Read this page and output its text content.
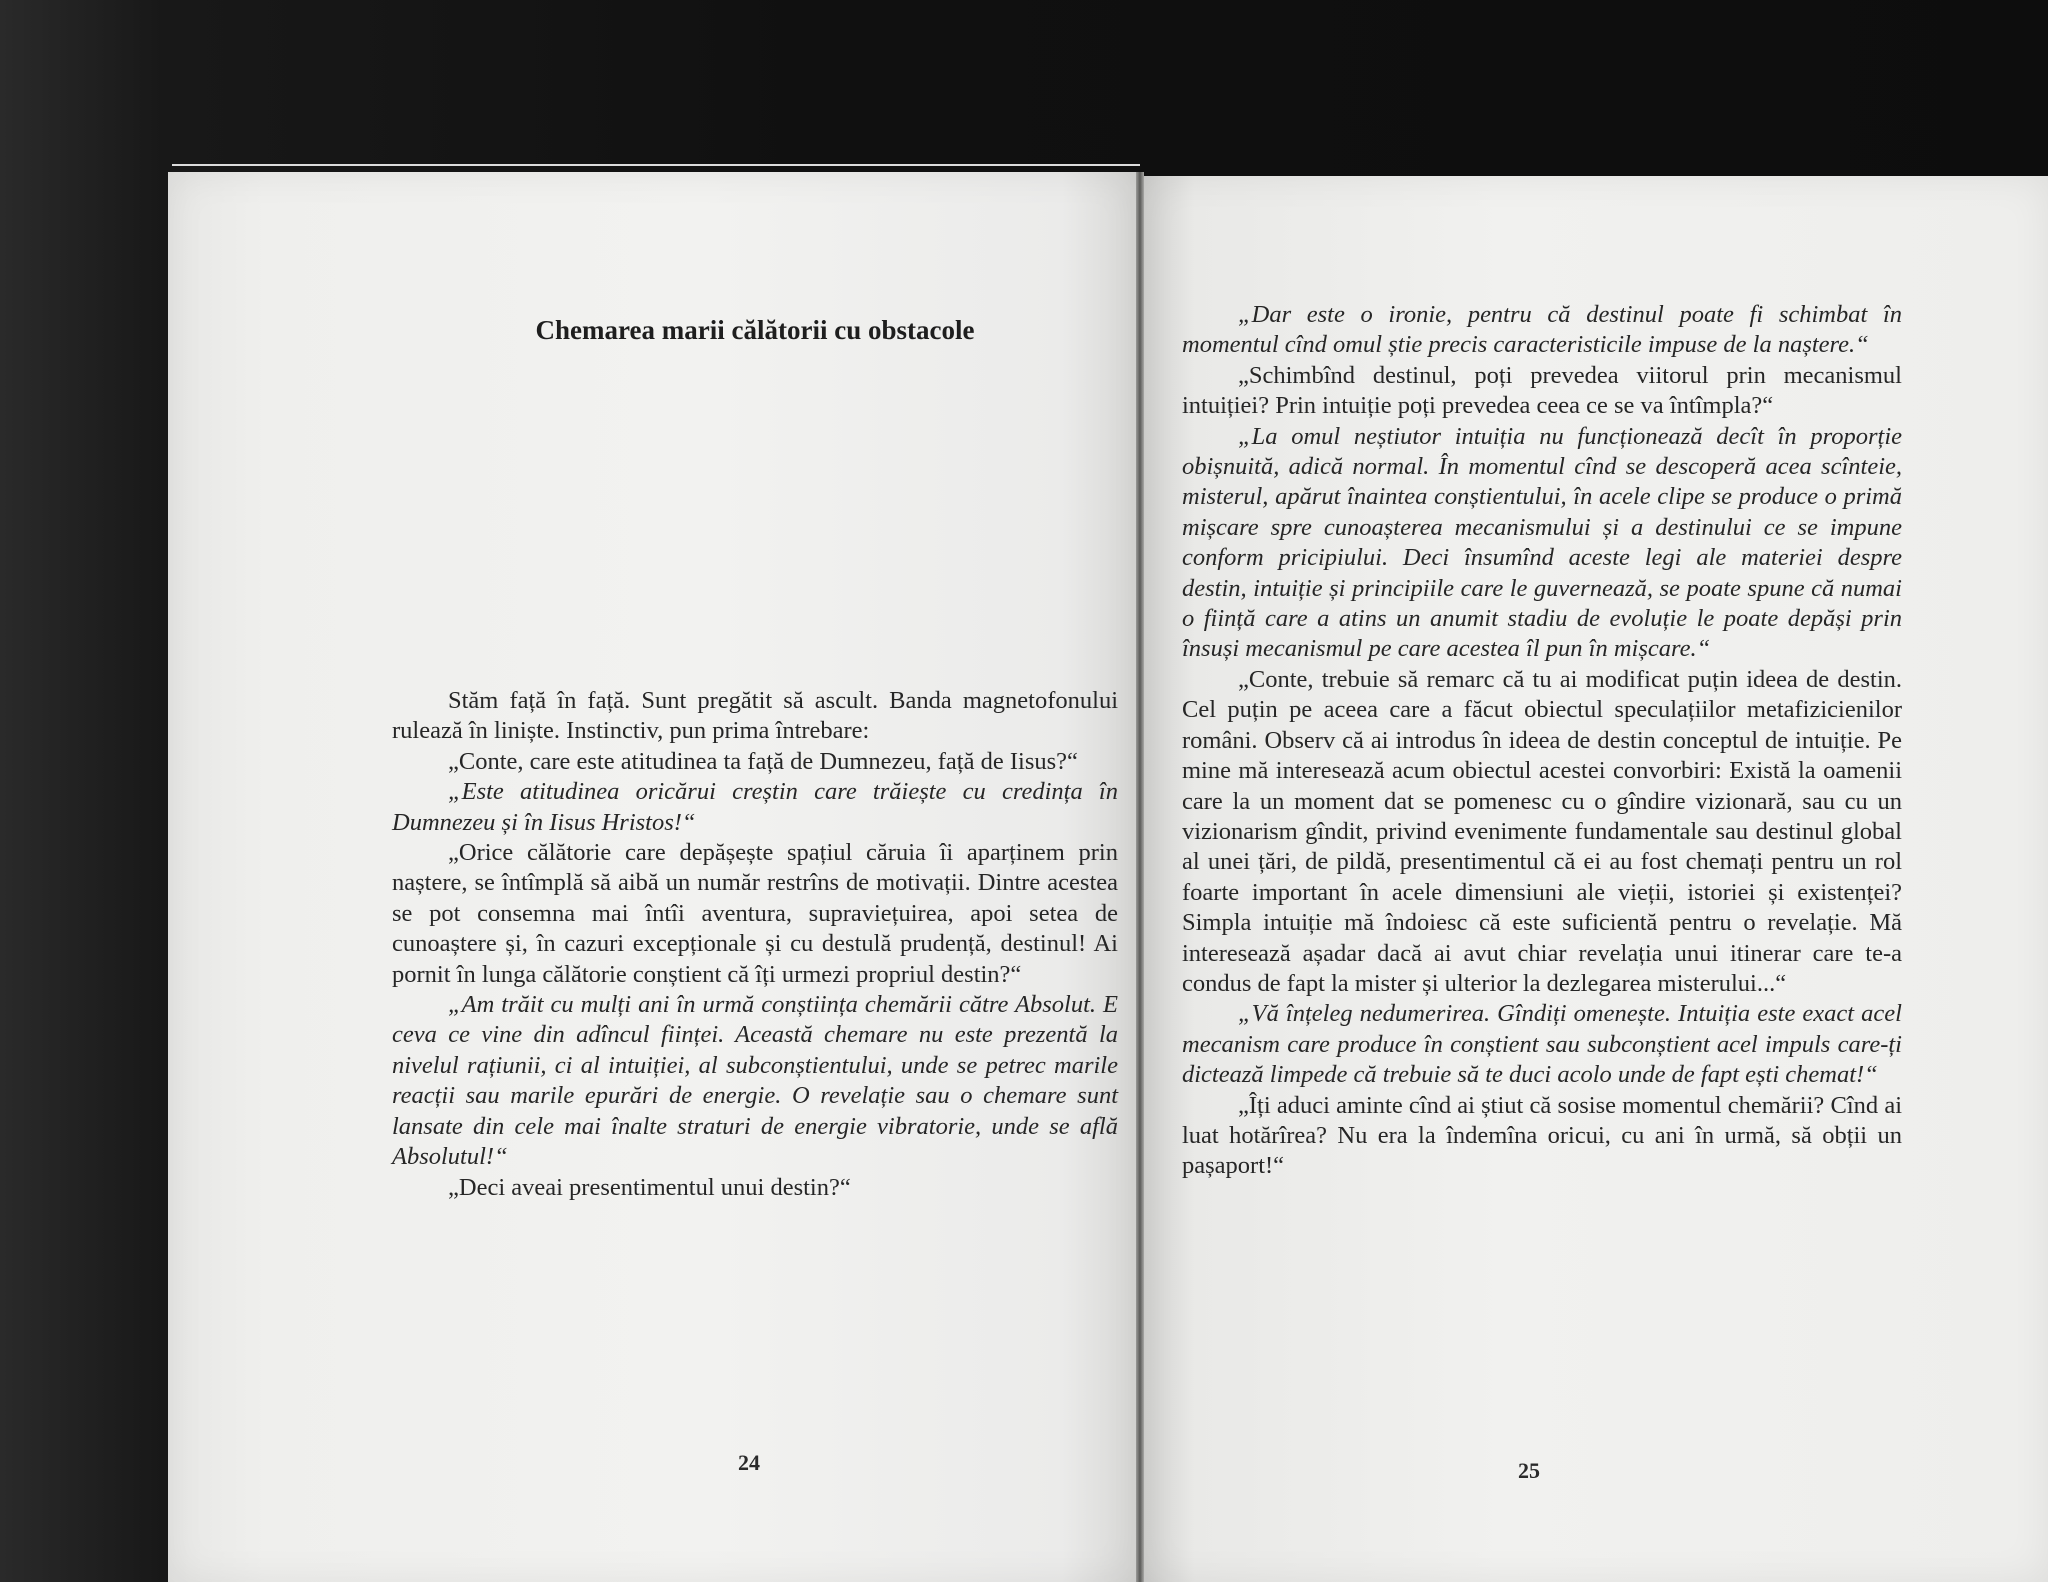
Chemarea marii călătorii cu obstacole

Stăm față în față. Sunt pregătit să ascult. Banda magnetofonului rulează în liniște. Instinctiv, pun prima întrebare:

„Conte, care este atitudinea ta față de Dumnezeu, față de Iisus?“

„Este atitudinea oricărui creștin care trăiește cu credința în Dumnezeu și în Iisus Hristos!“

„Orice călătorie care depășește spațiul căruia îi aparținem prin naștere, se întîmplă să aibă un număr restrîns de motivații. Dintre acestea se pot consemna mai întîi aventura, supraviețuirea, apoi setea de cunoaștere și, în cazuri excepționale și cu destulă prudență, destinul! Ai pornit în lunga călătorie conștient că îți urmezi propriul destin?“

„Am trăit cu mulți ani în urmă conștiința chemării către Absolut. E ceva ce vine din adîncul ființei. Această chemare nu este prezentă la nivelul rațiunii, ci al intuiției, al subconștientului, unde se petrec marile reacții sau marile epurări de energie. O revelație sau o chemare sunt lansate din cele mai înalte straturi de energie vibratorie, unde se află Absolutul!“

„Deci aveai presentimentul unui destin?“

24

„Dar este o ironie, pentru că destinul poate fi schimbat în momentul cînd omul știe precis caracteristicile impuse de la naștere.“

„Schimbînd destinul, poți prevedea viitorul prin mecanismul intuiției? Prin intuiție poți prevedea ceea ce se va întîmpla?“

„La omul neștiutor intuiția nu funcționează decît în proporție obișnuită, adică normal. În momentul cînd se descoperă acea scînteie, misterul, apărut înaintea conștientului, în acele clipe se produce o primă mișcare spre cunoașterea mecanismului și a destinului ce se impune conform pricipiului. Deci însumînd aceste legi ale materiei despre destin, intuiție și principiile care le guvernează, se poate spune că numai o ființă care a atins un anumit stadiu de evoluție le poate depăși prin însuși mecanismul pe care acestea îl pun în mișcare.“

„Conte, trebuie să remarc că tu ai modificat puțin ideea de destin. Cel puțin pe aceea care a făcut obiectul speculațiilor metafizicienilor români. Observ că ai introdus în ideea de destin conceptul de intuiție. Pe mine mă interesează acum obiectul acestei convorbiri: Există la oamenii care la un moment dat se pomenesc cu o gîndire vizionară, sau cu un vizionarism gîndit, privind evenimente fundamentale sau destinul global al unei țări, de pildă, presentimentul că ei au fost chemați pentru un rol foarte important în acele dimensiuni ale vieții, istoriei și existenței? Simpla intuiție mă îndoiesc că este suficientă pentru o revelație. Mă interesează așadar dacă ai avut chiar revelația unui itinerar care te-a condus de fapt la mister și ulterior la dezlegarea misterului...“

„Vă înțeleg nedumerirea. Gîndiți omenește. Intuiția este exact acel mecanism care produce în conștient sau subconștient acel impuls care-ți dictează limpede că trebuie să te duci acolo unde de fapt ești chemat!“

„Îți aduci aminte cînd ai știut că sosise momentul chemării? Cînd ai luat hotărîrea? Nu era la îndemîna oricui, cu ani în urmă, să obții un pașaport!“

25
